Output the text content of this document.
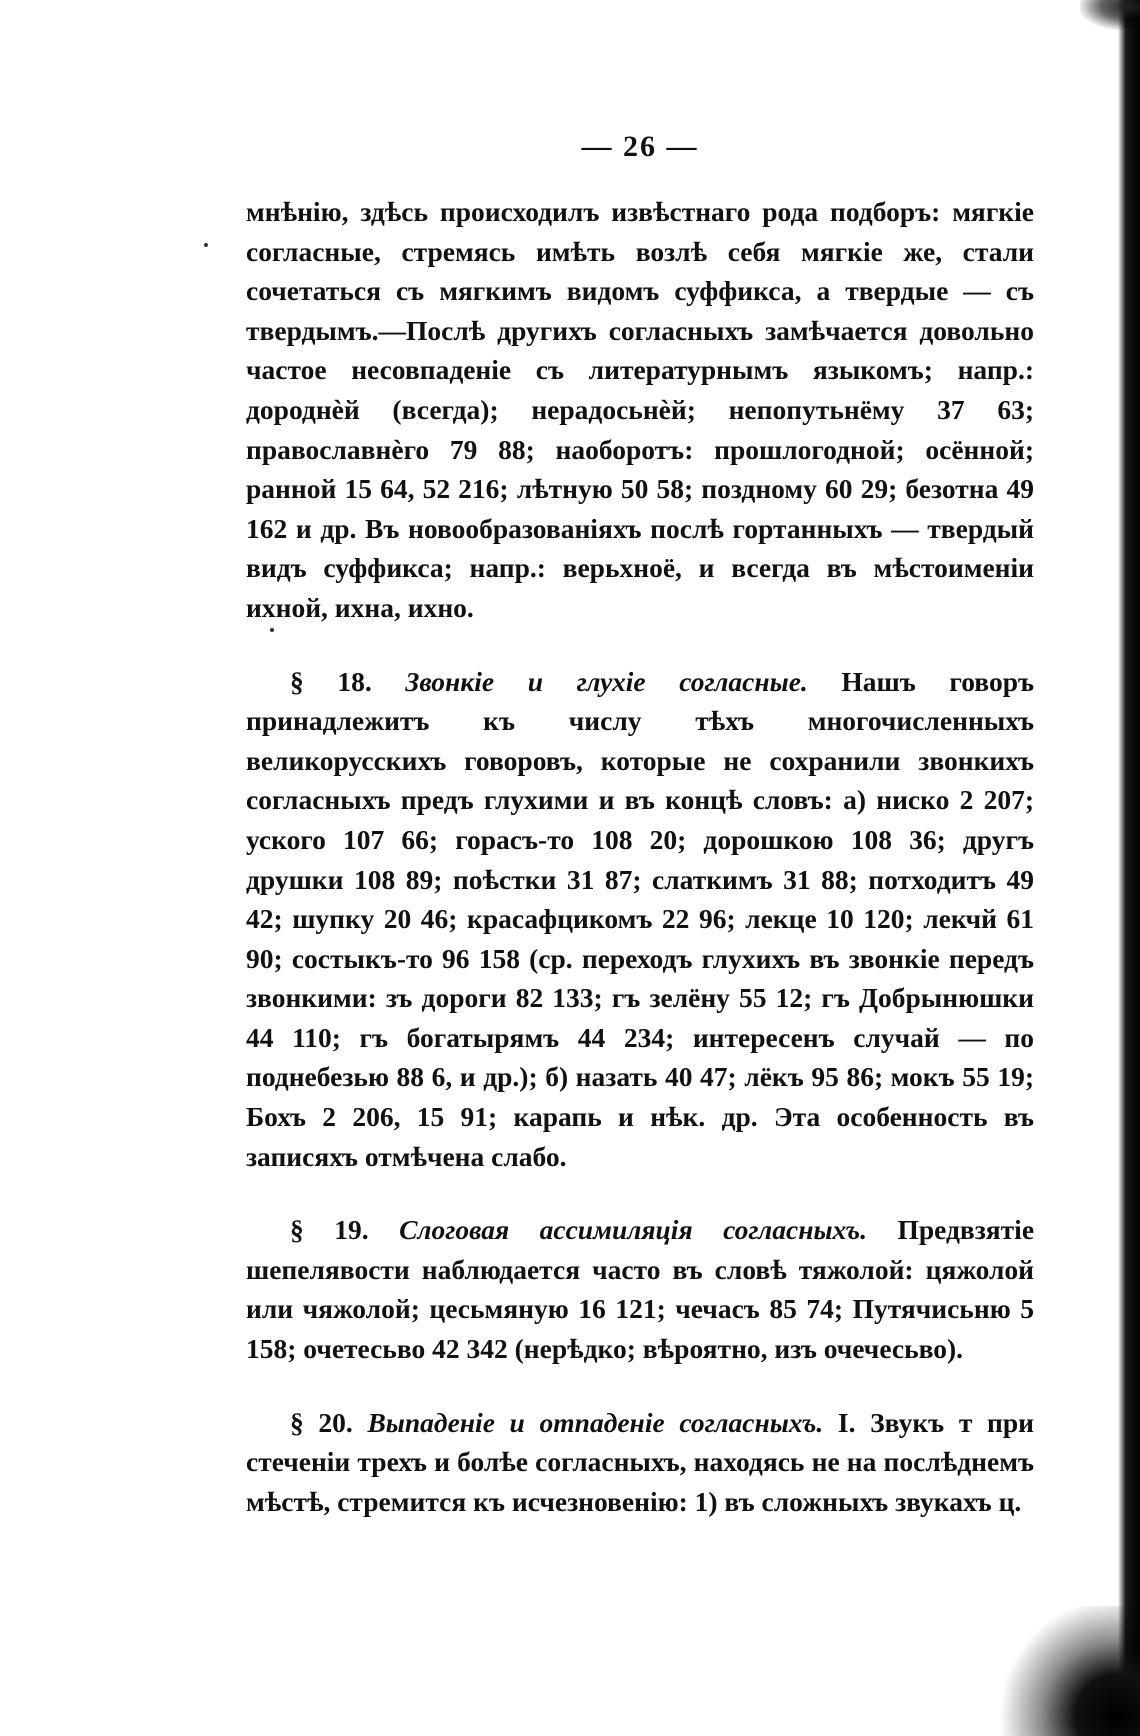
— 26 —

мнѣнію, здѣсь происходилъ извѣстнаго рода подборъ: мягкіе согласные, стремясь имѣть возлѣ себя мягкіе же, стали сочетаться съ мягкимъ видомъ суффикса, а твердые — съ твердымъ.—Послѣ другихъ согласныхъ замѣчается довольно частое несовпаденіе съ литературнымъ языкомъ; напр.: дороднѐй (всегда); нерадосьнѐй; непопутьнёму 37 63; православнѐго 79 88; наоборотъ: прошлогодной; осённой; ранной 15 64, 52 216; лѣтную 50 58; поздному 60 29; безотна 49 162 и др. Въ новообразованіяхъ послѣ гортанныхъ — твердый видъ суффикса; напр.: верьхноё, и всегда въ мѣстоименіи ихной, ихна, ихно.

§ 18. Звонкіе и глухіе согласные. Нашъ говоръ принадлежитъ къ числу тѣхъ многочисленныхъ великорусскихъ говоровъ, которые не сохранили звонкихъ согласныхъ предъ глухими и въ концѣ словъ: а) ниско 2 207; уского 107 66; горасъ-то 108 20; дорошкою 108 36; другъ друшки 108 89; поѣстки 31 87; слаткимъ 31 88; потходитъ 49 42; шупку 20 46; красафцикомъ 22 96; лекце 10 120; лекчй 61 90; состыкъ-то 96 158 (ср. переходъ глухихъ въ звонкіе передъ звонкими: зъ дороги 82 133; гъ зелёну 55 12; гъ Добрынюшки 44 110; гъ богатырямъ 44 234; интересенъ случай — по поднебезью 88 6, и др.); б) назать 40 47; лёкъ 95 86; мокъ 55 19; Бохъ 2 206, 15 91; карапь и нѣк. др. Эта особенность въ записяхъ отмѣчена слабо.

§ 19. Слоговая ассимиляція согласныхъ. Предвзятіе шепелявости наблюдается часто въ словѣ тяжолой: цяжолой или чяжолой; цесьмяную 16 121; чечасъ 85 74; Путячисьню 5 158; очетесьво 42 342 (нерѣдко; вѣроятно, изъ очечесьво).

§ 20. Выпаденіе и отпаденіе согласныхъ. I. Звукъ т при стеченіи трехъ и болѣе согласныхъ, находясь не на послѣднемъ мѣстѣ, стремится къ исчезновенію: 1) въ сложныхъ звукахъ ц.
